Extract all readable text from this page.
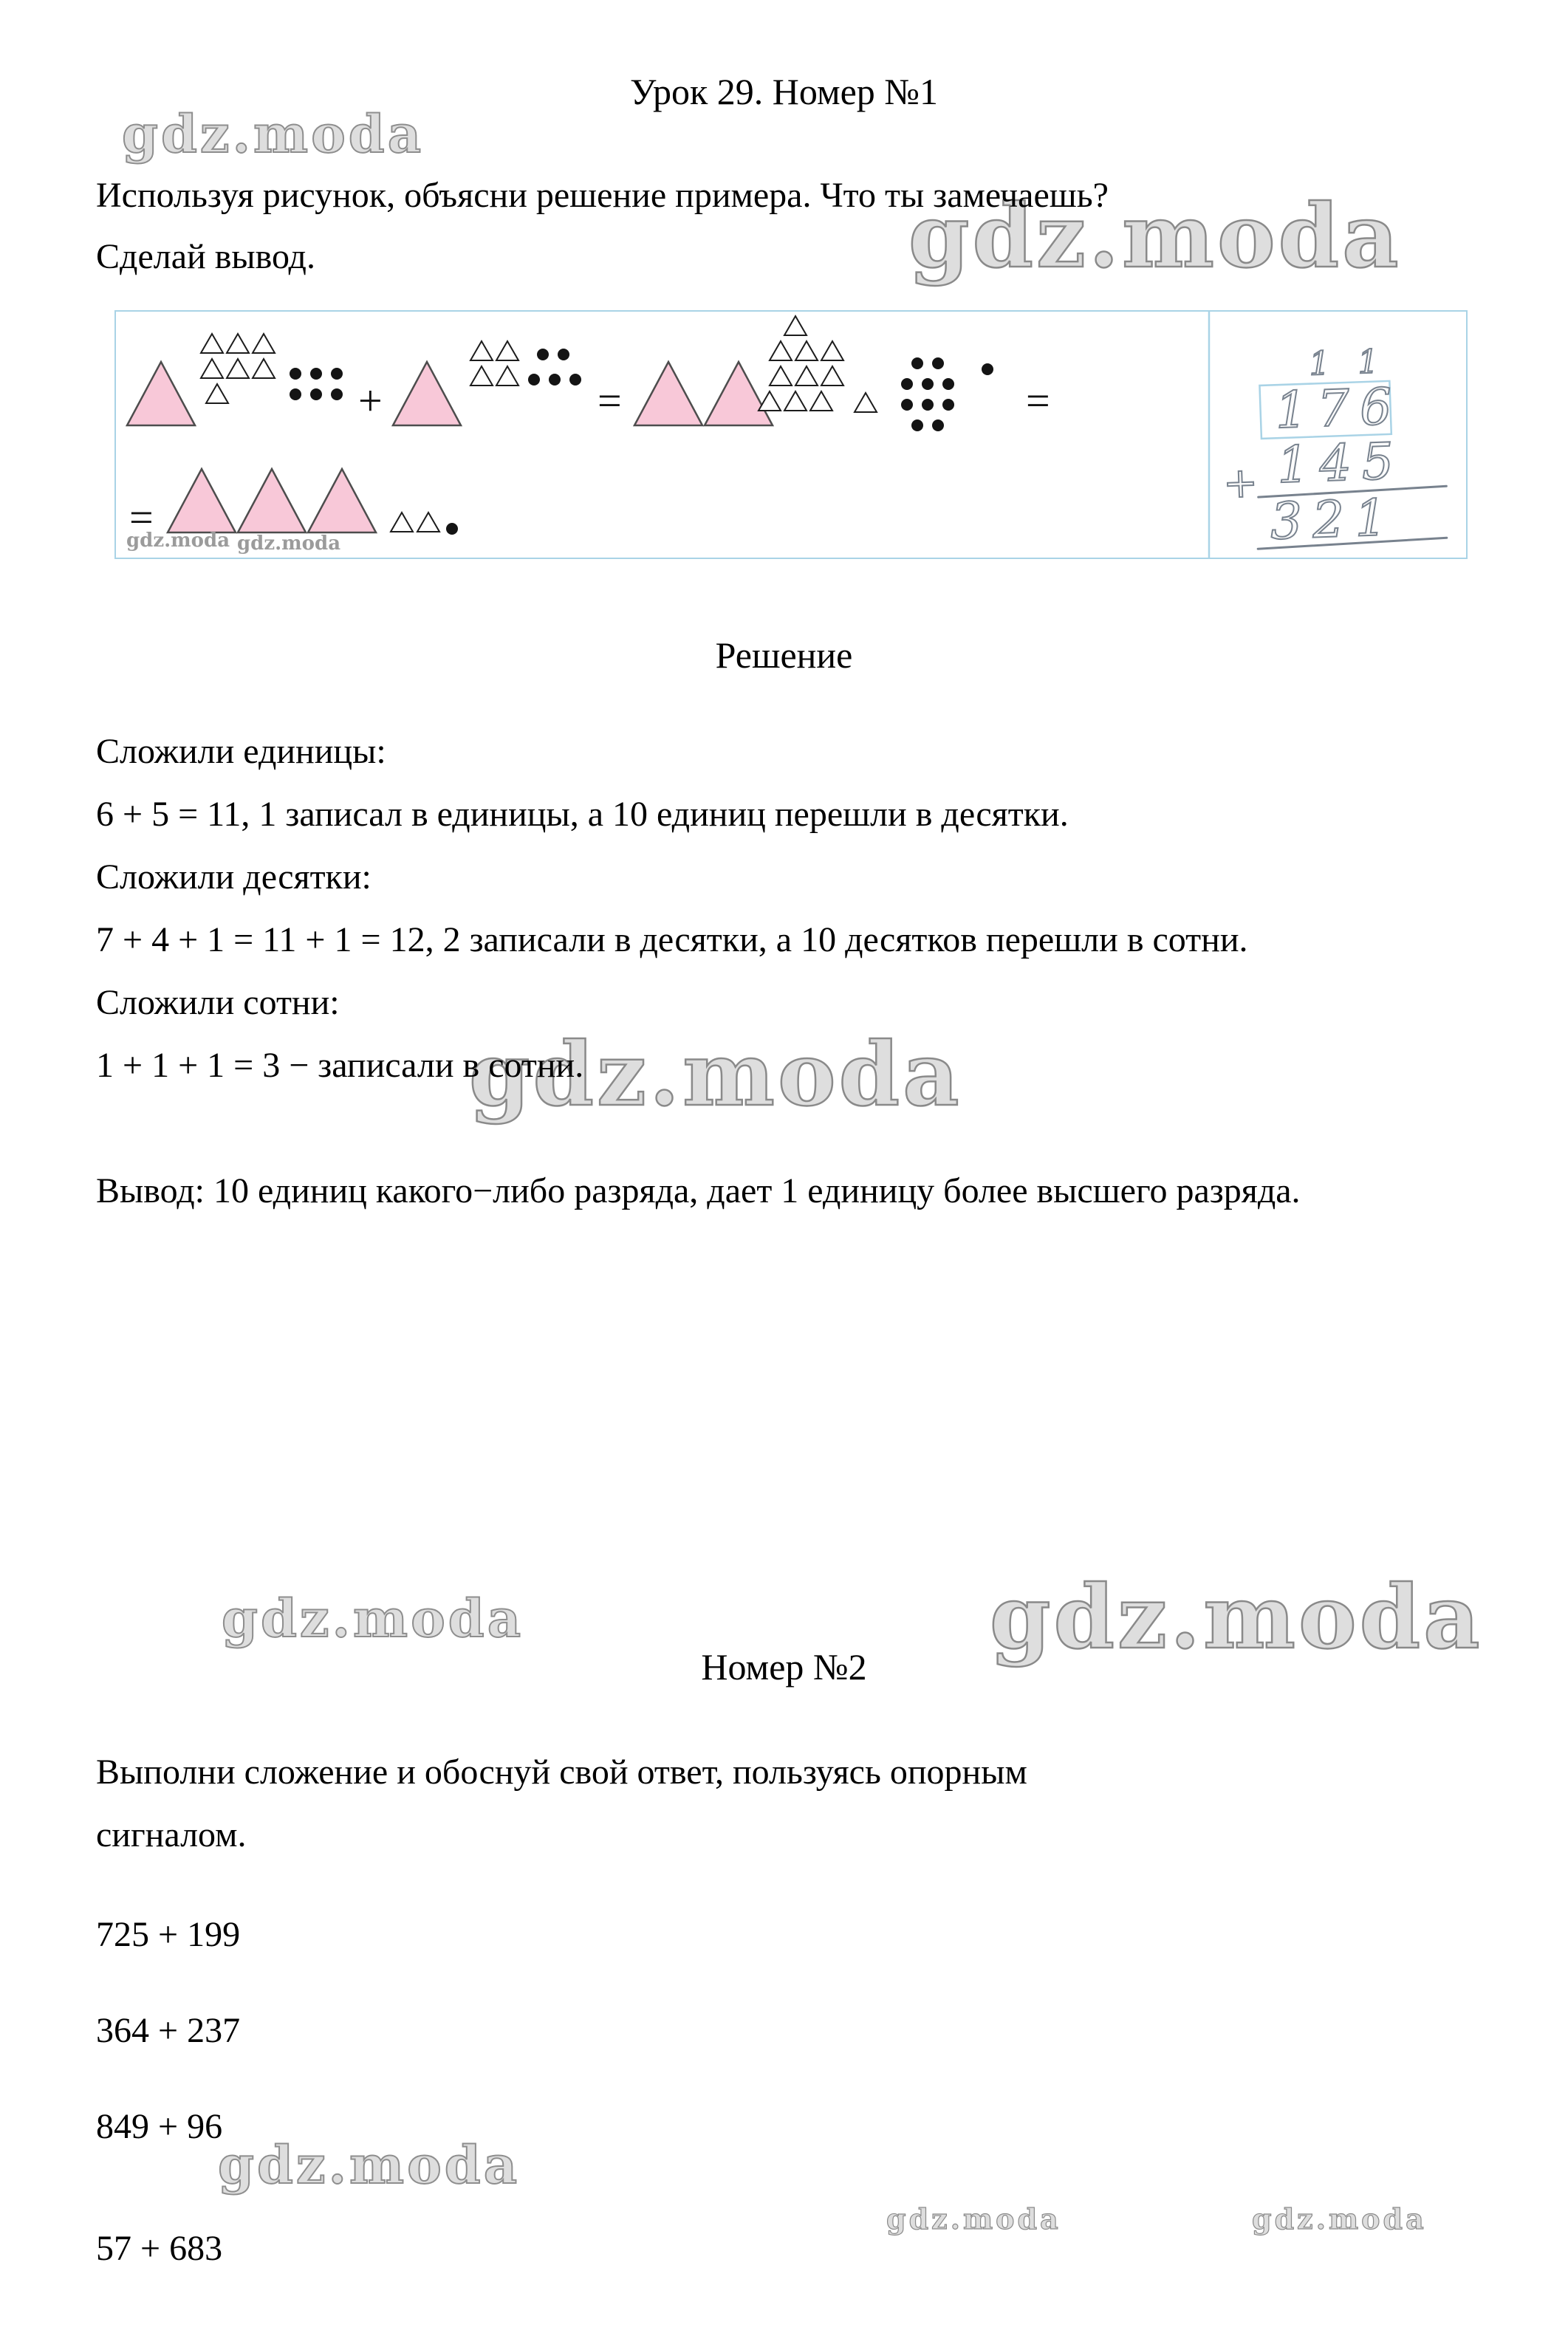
Урок 29. Номер №1
gdz.moda

Используя рисунок, объясни решение примера. Что ты замечаешь?

Сделай вывод.	gdz.moda
+	=	=
=
gdz.moda gdz.moda
1 1
+
176
145
321
Решение

Сложили единицы:

6 + 5 = 11, 1 записал в единицы, а 10 единиц перешли в десятки.

Сложили десятки:

7 + 4 + 1 = 11 + 1 = 12, 2 записали в десятки, а 10 десятков перешли в сотни.

Сложили сотни:

1 + 1 + 1 = 3 − записали в сотни.

Вывод: 10 единиц какого−либо разряда, дает 1 единицу более высшего разряда.

gdz.moda
gdz.moda	gdz.moda
Номер №2

Выполни сложение и обоснуй свой ответ, пользуясь опорным сигналом.

725 + 199

364 + 237

849 + 96

57 + 683

gdz.moda
gdz.moda	gdz.moda
